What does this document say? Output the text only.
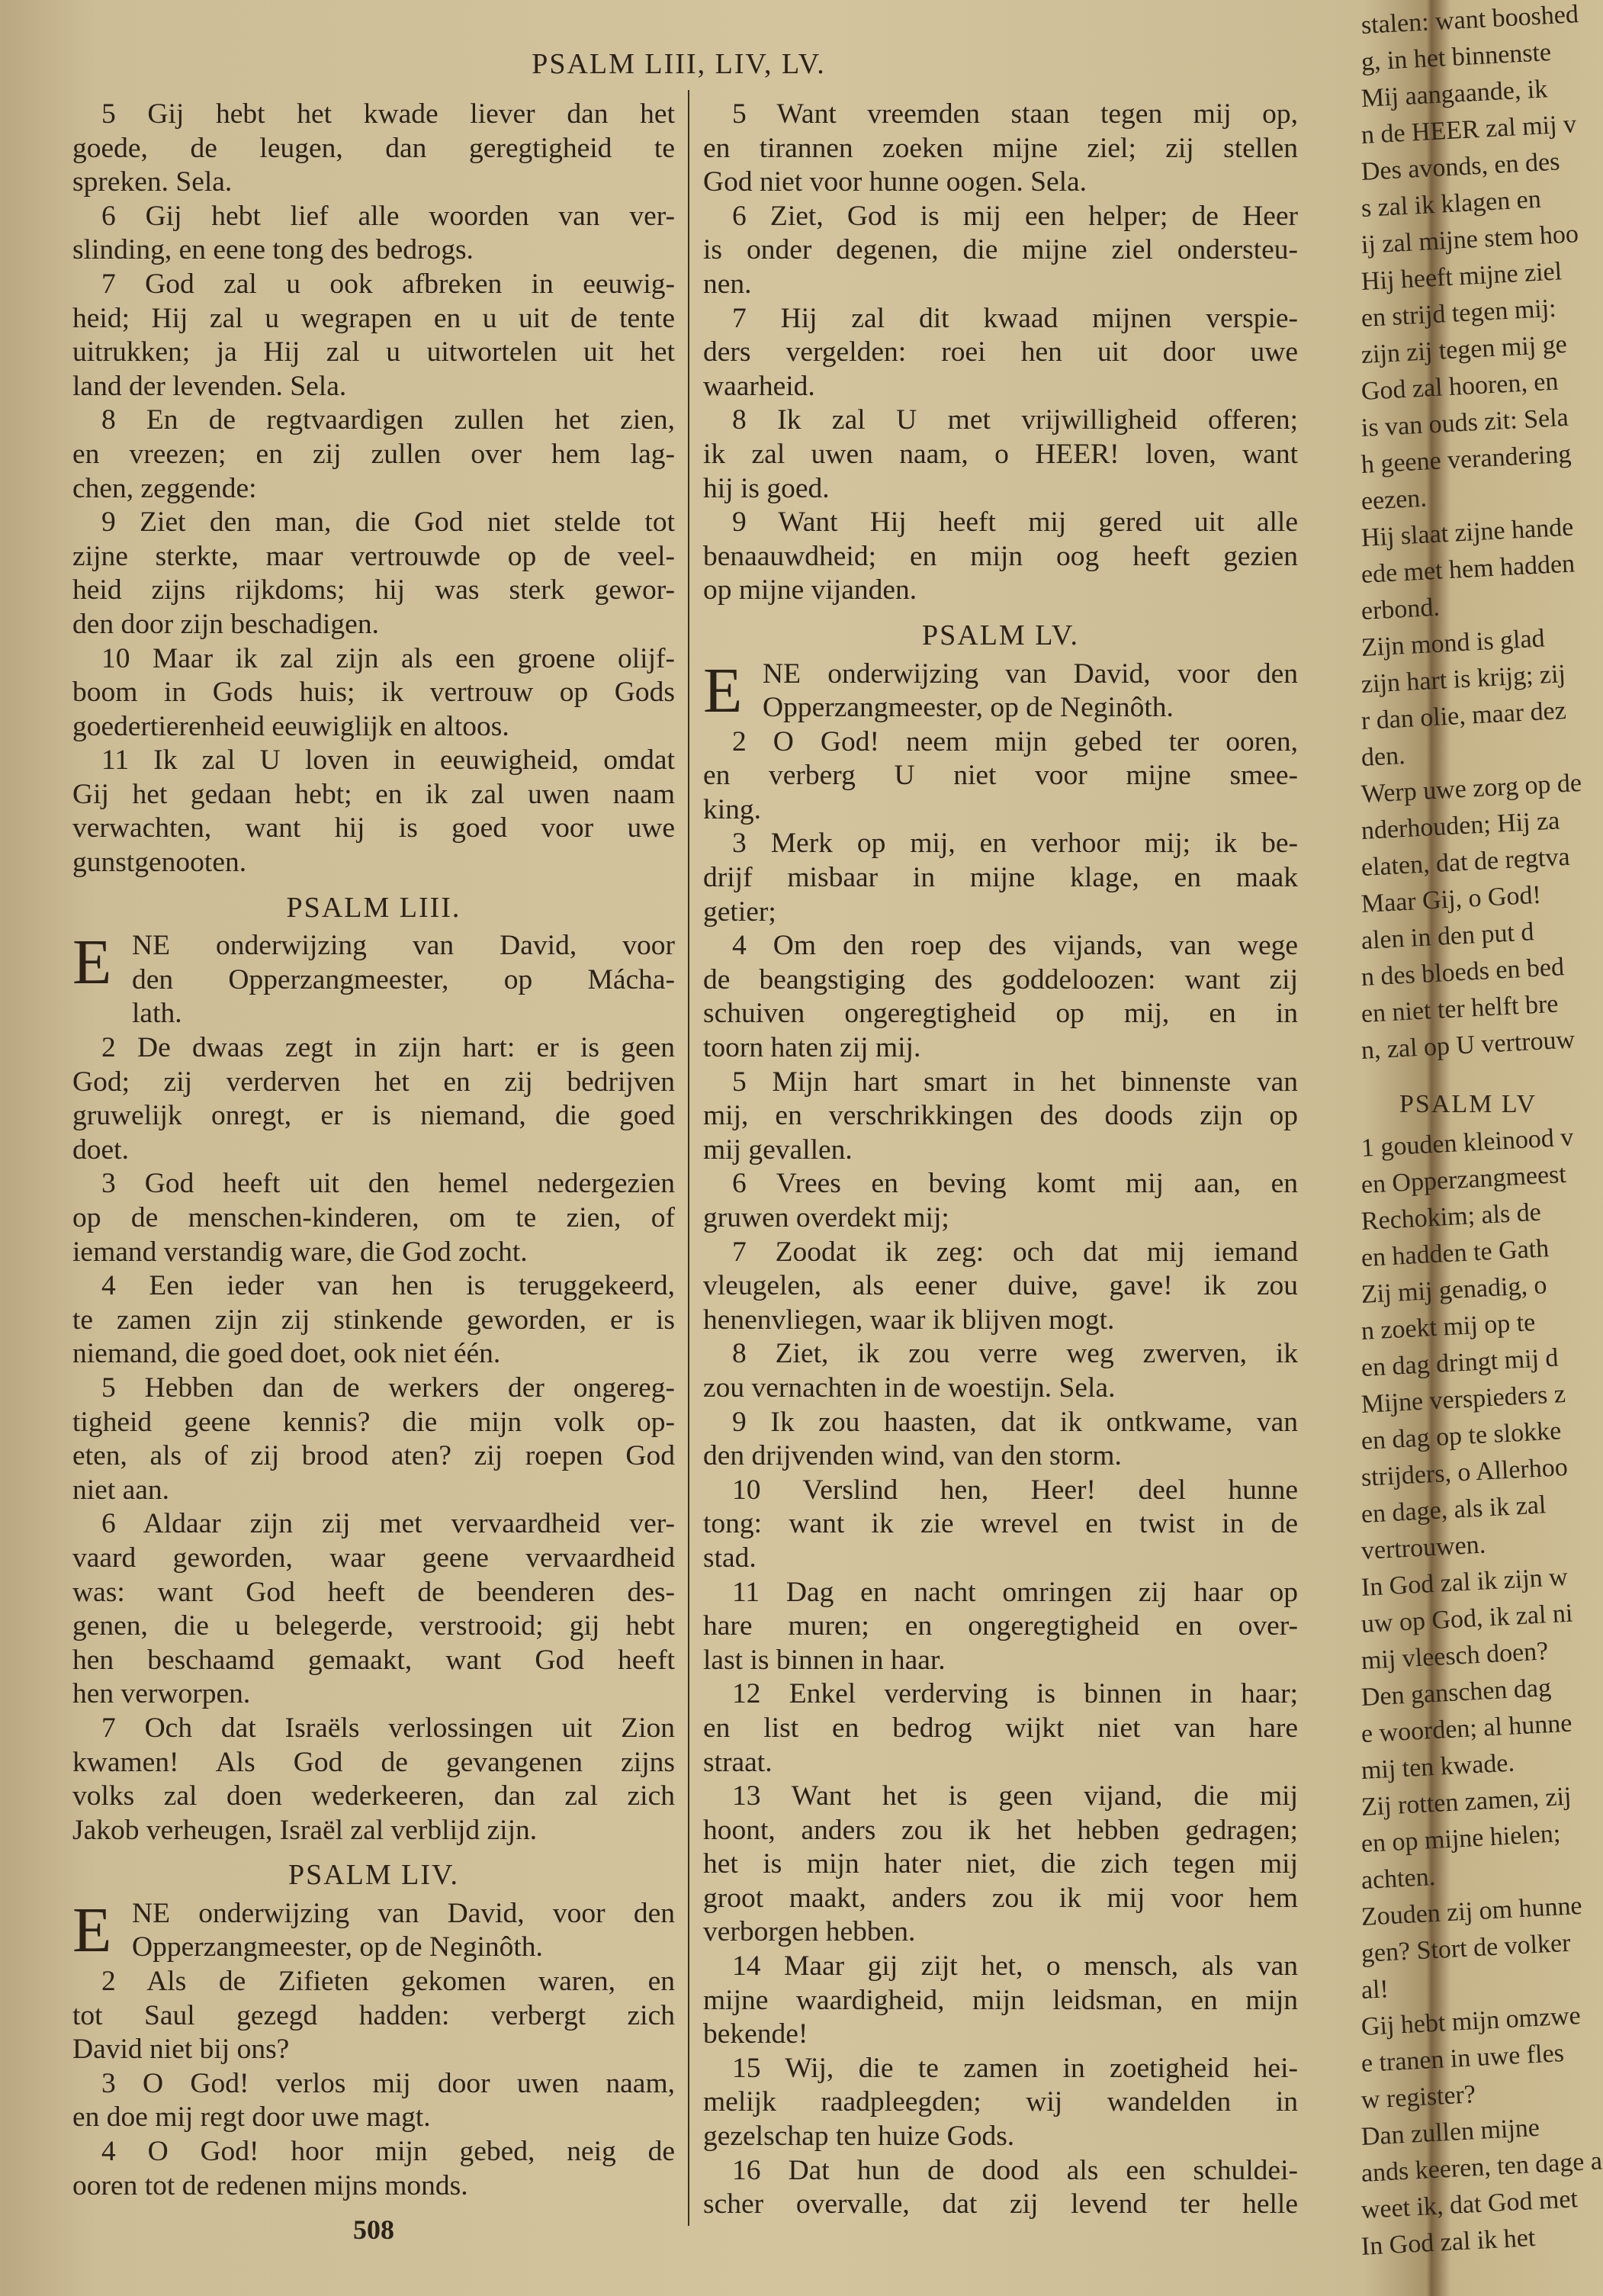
PSALM LIII, LIV, LV.
5 Gij hebt het kwade liever dan het
goede, de leugen, dan geregtigheid te
spreken. Sela.
6 Gij hebt lief alle woorden van ver-
slinding, en eene tong des bedrogs.
7 God zal u ook afbreken in eeuwig-
heid; Hij zal u wegrapen en u uit de tente
uitrukken; ja Hij zal u uitwortelen uit het
land der levenden. Sela.
8 En de regtvaardigen zullen het zien,
en vreezen; en zij zullen over hem lag-
chen, zeggende:
9 Ziet den man, die God niet stelde tot
zijne sterkte, maar vertrouwde op de veel-
heid zijns rijkdoms; hij was sterk gewor-
den door zijn beschadigen.
10 Maar ik zal zijn als een groene olijf-
boom in Gods huis; ik vertrouw op Gods
goedertierenheid eeuwiglijk en altoos.
11 Ik zal U loven in eeuwigheid, omdat
Gij het gedaan hebt; en ik zal uwen naam
verwachten, want hij is goed voor uwe
gunstgenooten.
PSALM LIII.
E NE onderwijzing van David, voor
den Opperzangmeester, op Mácha-
lath.
2 De dwaas zegt in zijn hart: er is geen
God; zij verderven het en zij bedrijven
gruwelijk onregt, er is niemand, die goed
doet.
3 God heeft uit den hemel nedergezien
op de menschen-kinderen, om te zien, of
iemand verstandig ware, die God zocht.
4 Een ieder van hen is teruggekeerd,
te zamen zijn zij stinkende geworden, er is
niemand, die goed doet, ook niet één.
5 Hebben dan de werkers der ongereg-
tigheid geene kennis? die mijn volk op-
eten, als of zij brood aten? zij roepen God
niet aan.
6 Aldaar zijn zij met vervaardheid ver-
vaard geworden, waar geene vervaardheid
was: want God heeft de beenderen des-
genen, die u belegerde, verstrooid; gij hebt
hen beschaamd gemaakt, want God heeft
hen verworpen.
7 Och dat Israëls verlossingen uit Zion
kwamen! Als God de gevangenen zijns
volks zal doen wederkeeren, dan zal zich
Jakob verheugen, Israël zal verblijd zijn.
PSALM LIV.
E NE onderwijzing van David, voor den
Opperzangmeester, op de Neginôth.
2 Als de Zifieten gekomen waren, en
tot Saul gezegd hadden: verbergt zich
David niet bij ons?
3 O God! verlos mij door uwen naam,
en doe mij regt door uwe magt.
4 O God! hoor mijn gebed, neig de
ooren tot de redenen mijns monds.
5 Want vreemden staan tegen mij op,
en tirannen zoeken mijne ziel; zij stellen
God niet voor hunne oogen. Sela.
6 Ziet, God is mij een helper; de Heer
is onder degenen, die mijne ziel ondersteu-
nen.
7 Hij zal dit kwaad mijnen verspie-
ders vergelden: roei hen uit door uwe
waarheid.
8 Ik zal U met vrijwilligheid offeren;
ik zal uwen naam, o HEER! loven, want
hij is goed.
9 Want Hij heeft mij gered uit alle
benaauwdheid; en mijn oog heeft gezien
op mijne vijanden.
PSALM LV.
E NE onderwijzing van David, voor den
Opperzangmeester, op de Neginôth.
2 O God! neem mijn gebed ter ooren,
en verberg U niet voor mijne smee-
king.
3 Merk op mij, en verhoor mij; ik be-
drijf misbaar in mijne klage, en maak
getier;
4 Om den roep des vijands, van wege
de beangstiging des goddeloozen: want zij
schuiven ongeregtigheid op mij, en in
toorn haten zij mij.
5 Mijn hart smart in het binnenste van
mij, en verschrikkingen des doods zijn op
mij gevallen.
6 Vrees en beving komt mij aan, en
gruwen overdekt mij;
7 Zoodat ik zeg: och dat mij iemand
vleugelen, als eener duive, gave! ik zou
henenvliegen, waar ik blijven mogt.
8 Ziet, ik zou verre weg zwerven, ik
zou vernachten in de woestijn. Sela.
9 Ik zou haasten, dat ik ontkwame, van
den drijvenden wind, van den storm.
10 Verslind hen, Heer! deel hunne
tong: want ik zie wrevel en twist in de
stad.
11 Dag en nacht omringen zij haar op
hare muren; en ongeregtigheid en over-
last is binnen in haar.
12 Enkel verderving is binnen in haar;
en list en bedrog wijkt niet van hare
straat.
13 Want het is geen vijand, die mij
hoont, anders zou ik het hebben gedragen;
het is mijn hater niet, die zich tegen mij
groot maakt, anders zou ik mij voor hem
verborgen hebben.
14 Maar gij zijt het, o mensch, als van
mijne waardigheid, mijn leidsman, en mijn
bekende!
15 Wij, die te zamen in zoetigheid hei-
melijk raadpleegden; wij wandelden in
gezelschap ten huize Gods.
16 Dat hun de dood als een schuldei-
scher overvalle, dat zij levend ter helle
508
stalen: want booshed
g, in het binnenste
Mij aangaande, ik
n de HEER zal mij v
Des avonds, en des
s zal ik klagen en
ij zal mijne stem hoo
Hij heeft mijne ziel
en strijd tegen mij:
zijn zij tegen mij ge
God zal hooren, en
is van ouds zit: Sela
h geene verandering
eezen.
Hij slaat zijne hande
ede met hem hadden
erbond.
Zijn mond is glad
zijn hart is krijg; zij
r dan olie, maar dez
den.
Werp uwe zorg op de
nderhouden; Hij za
elaten, dat de regtva
Maar Gij, o God!
alen in den put d
n des bloeds en bed
en niet ter helft bre
n, zal op U vertrouw
PSALM LV
1 gouden kleinood v
en Opperzangmeest
Rechokim; als de
en hadden te Gath
Zij mij genadig, o
n zoekt mij op te
en dag dringt mij d
Mijne verspieders z
en dag op te slokke
strijders, o Allerhoo
en dage, als ik zal
vertrouwen.
In God zal ik zijn w
uw op God, ik zal ni
mij vleesch doen?
Den ganschen dag
e woorden; al hunne
mij ten kwade.
Zij rotten zamen, zij
en op mijne hielen;
achten.
Zouden zij om hunne
gen? Stort de volker
al!
Gij hebt mijn omzwe
e tranen in uwe fles
w register?
Dan zullen mijne
ands keeren, ten dage a
weet ik, dat God met
In God zal ik het
